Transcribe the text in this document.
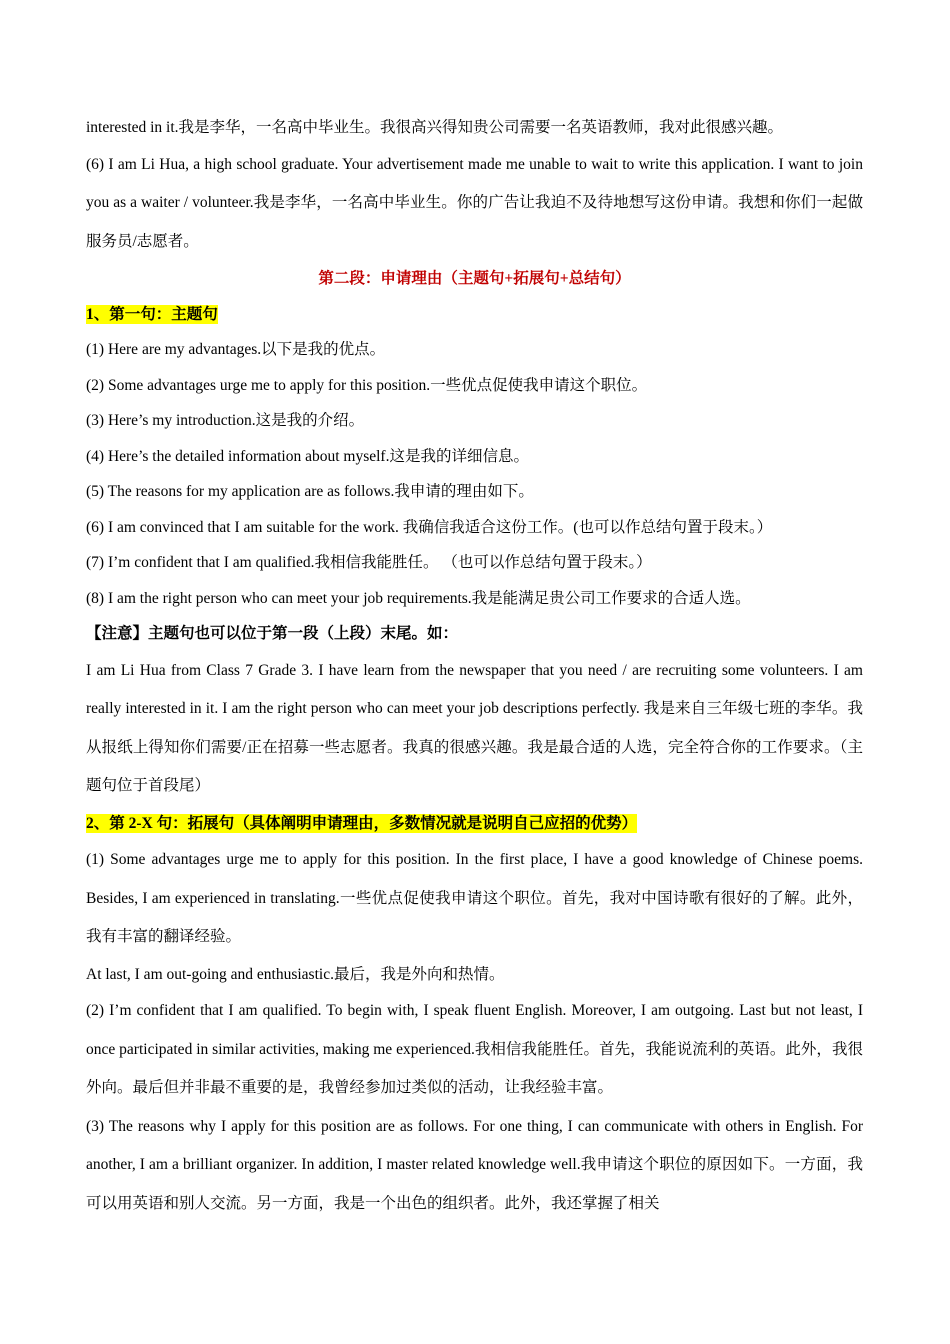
interested in it.我是李华，一名高中毕业生。我很高兴得知贵公司需要一名英语教师，我对此很感兴趣。

(6) I am Li Hua, a high school graduate. Your advertisement made me unable to wait to write this application. I want to join you as a waiter / volunteer.我是李华，一名高中毕业生。你的广告让我迫不及待地想写这份申请。我想和你们一起做服务员/志愿者。

第二段：申请理由（主题句+拓展句+总结句）

1、第一句：主题句

(1) Here are my advantages.以下是我的优点。

(2) Some advantages urge me to apply for this position.一些优点促使我申请这个职位。

(3) Here’s my introduction.这是我的介绍。

(4) Here’s the detailed information about myself.这是我的详细信息。

(5) The reasons for my application are as follows.我申请的理由如下。

(6) I am convinced that I am suitable for the work. 我确信我适合这份工作。(也可以作总结句置于段末。）

(7) I’m confident that I am qualified.我相信我能胜任。 （也可以作总结句置于段末。）

(8) I am the right person who can meet your job requirements.我是能满足贵公司工作要求的合适人选。

【注意】主题句也可以位于第一段（上段）末尾。如：

I am Li Hua from Class 7 Grade 3. I have learn from the newspaper that you need / are recruiting some volunteers. I am really interested in it. I am the right person who can meet your job descriptions perfectly. 我是来自三年级七班的李华。我从报纸上得知你们需要/正在招募一些志愿者。我真的很感兴趣。我是最合适的人选，完全符合你的工作要求。（主题句位于首段尾）

2、第 2-X 句：拓展句（具体阐明申请理由，多数情况就是说明自己应招的优势）

(1) Some advantages urge me to apply for this position. In the first place, I have a good knowledge of Chinese poems. Besides, I am experienced in translating.一些优点促使我申请这个职位。首先，我对中国诗歌有很好的了解。此外，我有丰富的翻译经验。

At last, I am out-going and enthusiastic.最后，我是外向和热情。

(2) I’m confident that I am qualified. To begin with, I speak fluent English. Moreover, I am outgoing. Last but not least, I once participated in similar activities, making me experienced.我相信我能胜任。首先，我能说流利的英语。此外，我很外向。最后但并非最不重要的是，我曾经参加过类似的活动，让我经验丰富。

(3) The reasons why I apply for this position are as follows. For one thing, I can communicate with others in English. For another, I am a brilliant organizer. In addition, I master related knowledge well.我申请这个职位的原因如下。一方面，我可以用英语和别人交流。另一方面，我是一个出色的组织者。此外，我还掌握了相关
